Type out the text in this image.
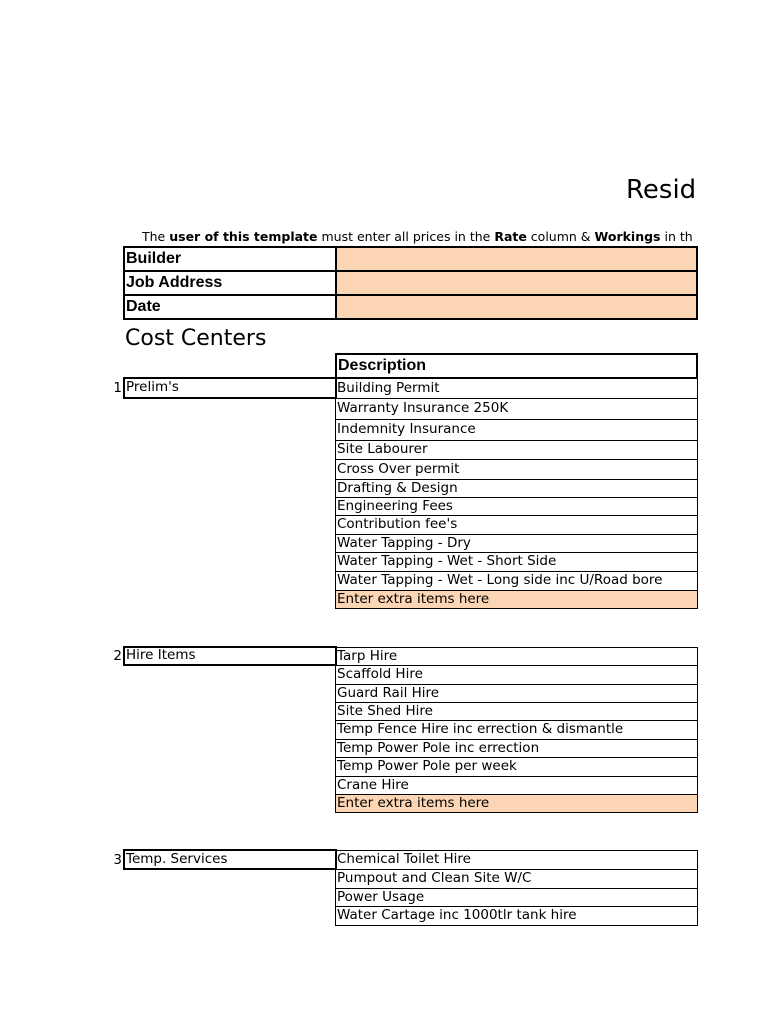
Resid
The user of this template must enter all prices in the Rate column & Workings in th
Builder
Job Address
Date
Cost Centers
Description
1 Prelim's	Building Permit
Warranty Insurance 250K
Indemnity Insurance
Site Labourer
Cross Over permit
Drafting & Design
Engineering Fees
Contribution fee's
Water Tapping - Dry
Water Tapping - Wet - Short Side
Water Tapping - Wet - Long side inc U/Road bore
Enter extra items here
2 Hire Items	Tarp Hire
Scaffold Hire
Guard Rail Hire
Site Shed Hire
Temp Fence Hire inc errection & dismantle
Temp Power Pole inc errection
Temp Power Pole per week
Crane Hire
Enter extra items here
3 Temp. Services	Chemical Toilet Hire
Pumpout and Clean Site W/C
Power Usage
Water Cartage inc 1000tlr tank hire
